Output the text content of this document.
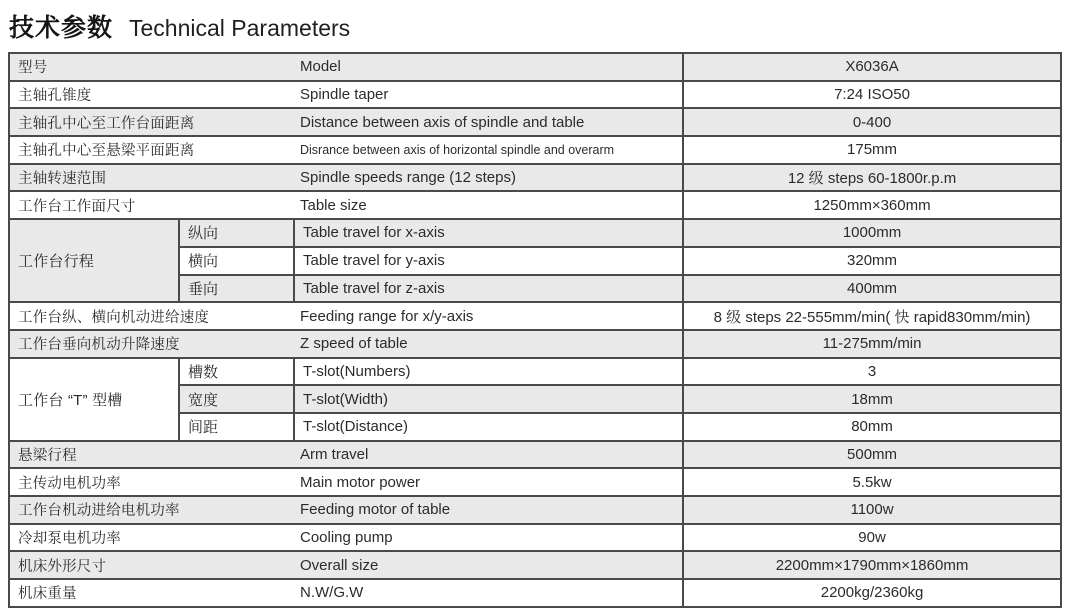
技术参数 Technical Parameters
型号 Model			X6036A

主轴孔锥度 Spindle taper			7:24 ISO50

主轴孔中心至工作台面距离 Distance between axis of spindle and table			0-400

主轴孔中心至悬梁平面距离 Disrance between axis of horizontal spindle and overarm			175mm

主轴转速范围 Spindle speeds range (12 steps)			12 级 steps 60-1800r.p.m

工作台工作面尺寸 Table size			1250mm×360mm
工作台行程	纵向	Table travel for x-axis	1000mm
	横向	Table travel for y-axis	320mm
	垂向	Table travel for z-axis	400mm

工作台纵、横向机动进给速度 Feeding range for x/y-axis			8 级 steps 22-555mm/min( 快 rapid830mm/min)

工作台垂向机动升降速度 Z speed of table			11-275mm/min
工作台 “T” 型槽	槽数	T-slot(Numbers)	3
	宽度	T-slot(Width)	18mm
	间距	T-slot(Distance)	80mm

悬梁行程 Arm travel			500mm

主传动电机功率 Main motor power			5.5kw

工作台机动进给电机功率 Feeding motor of table			1100w

冷却泵电机功率 Cooling pump			90w

机床外形尺寸 Overall size			2200mm×1790mm×1860mm

机床重量 N.W/G.W			2200kg/2360kg
